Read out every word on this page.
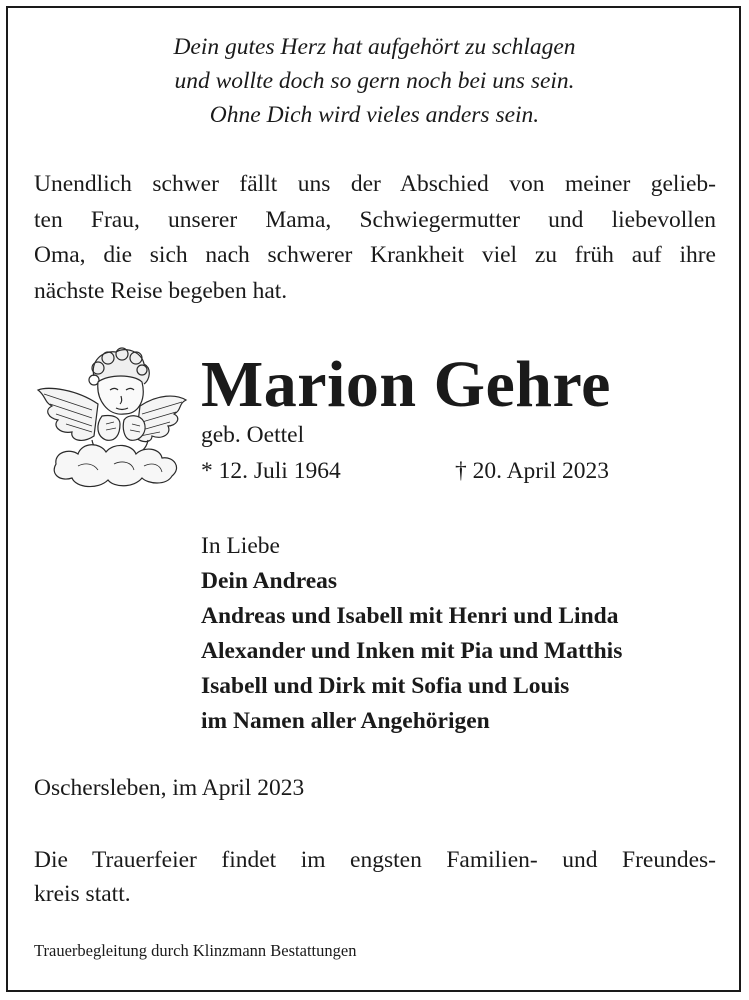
Dein gutes Herz hat aufgehört zu schlagen
und wollte doch so gern noch bei uns sein.
Ohne Dich wird vieles anders sein.
Unendlich schwer fällt uns der Abschied von meiner gelieb-
ten Frau, unserer Mama, Schwiegermutter und liebevollen
Oma, die sich nach schwerer Krankheit viel zu früh auf ihre
nächste Reise begeben hat.
Marion Gehre
geb. Oettel
* 12. Juli 1964	† 20. April 2023
In Liebe
Dein Andreas
Andreas und Isabell mit Henri und Linda
Alexander und Inken mit Pia und Matthis
Isabell und Dirk mit Sofia und Louis
im Namen aller Angehörigen
Oschersleben, im April 2023
Die Trauerfeier findet im engsten Familien- und Freundes-
kreis statt.
Trauerbegleitung durch Klinzmann Bestattungen
